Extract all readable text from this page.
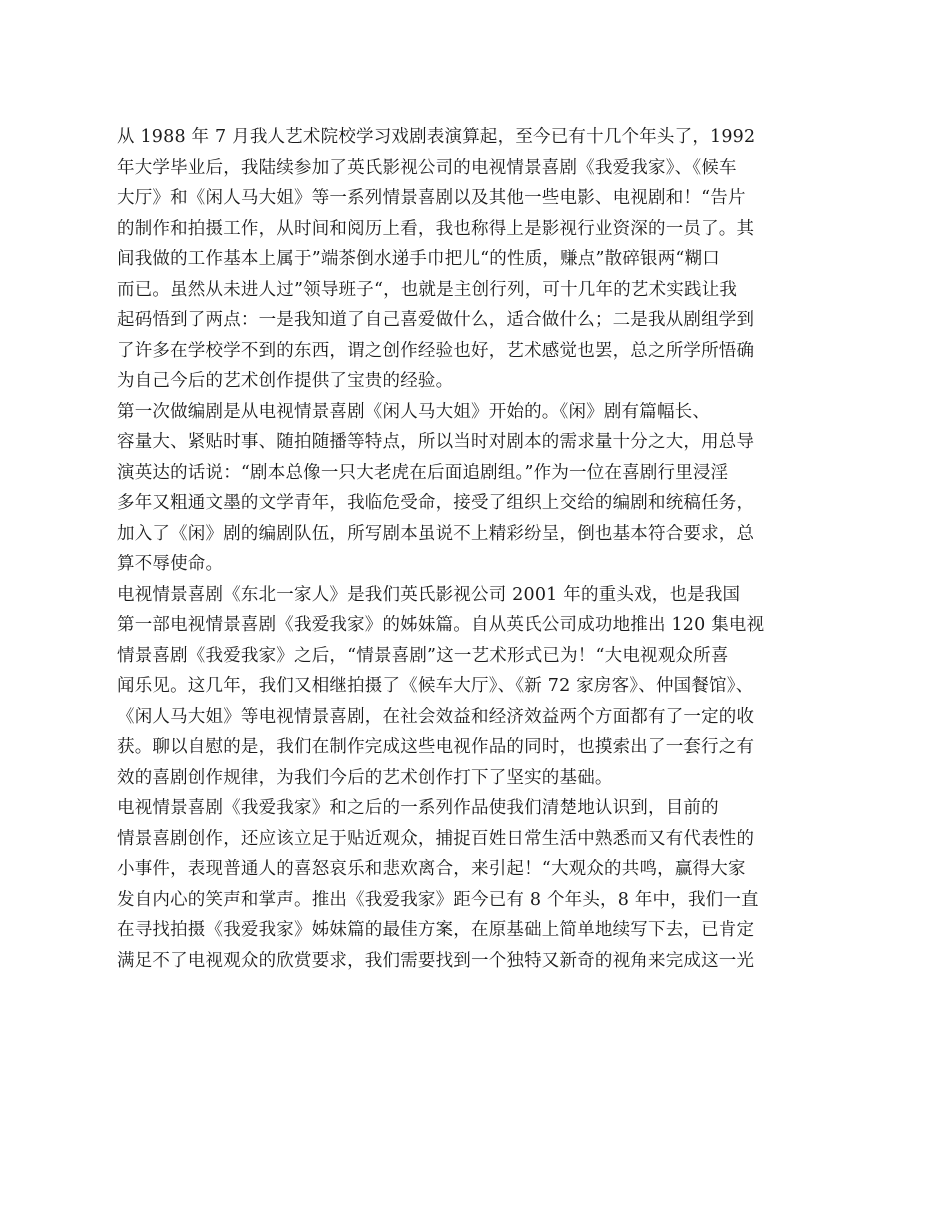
从 1988 年 7 月我人艺术院校学习戏剧表演算起，至今已有十几个年头了，1992
年大学毕业后，我陆续参加了英氏影视公司的电视情景喜剧《我爱我家》、《候车
大厅》和《闲人马大姐》等一系列情景喜剧以及其他一些电影、电视剧和！“告片
的制作和拍摄工作，从时间和阅历上看，我也称得上是影视行业资深的一员了。其
间我做的工作基本上属于”端茶倒水递手巾把儿“的性质，赚点”散碎银两“糊口
而已。虽然从未进人过”领导班子“，也就是主创行列，可十几年的艺术实践让我
起码悟到了两点：一是我知道了自己喜爱做什么，适合做什么；二是我从剧组学到
了许多在学校学不到的东西，谓之创作经验也好，艺术感觉也罢，总之所学所悟确
为自己今后的艺术创作提供了宝贵的经验。
第一次做编剧是从电视情景喜剧《闲人马大姐》开始的。《闲》剧有篇幅长、
容量大、紧贴时事、随拍随播等特点，所以当时对剧本的需求量十分之大，用总导
演英达的话说：“剧本总像一只大老虎在后面追剧组。”作为一位在喜剧行里浸淫
多年又粗通文墨的文学青年，我临危受命，接受了组织上交给的编剧和统稿任务，
加入了《闲》剧的编剧队伍，所写剧本虽说不上精彩纷呈，倒也基本符合要求，总
算不辱使命。
电视情景喜剧《东北一家人》是我们英氏影视公司 2001 年的重头戏，也是我国
第一部电视情景喜剧《我爱我家》的姊妹篇。自从英氏公司成功地推出 120 集电视
情景喜剧《我爱我家》之后，“情景喜剧”这一艺术形式已为！“大电视观众所喜
闻乐见。这几年，我们又相继拍摄了《候车大厅》、《新 72 家房客》、仲国餐馆》、
《闲人马大姐》等电视情景喜剧，在社会效益和经济效益两个方面都有了一定的收
获。聊以自慰的是，我们在制作完成这些电视作品的同时，也摸索出了一套行之有
效的喜剧创作规律，为我们今后的艺术创作打下了坚实的基础。
电视情景喜剧《我爱我家》和之后的一系列作品使我们清楚地认识到，目前的
情景喜剧创作，还应该立足于贴近观众，捕捉百姓日常生活中熟悉而又有代表性的
小事件，表现普通人的喜怒哀乐和悲欢离合，来引起！“大观众的共鸣，赢得大家
发自内心的笑声和掌声。推出《我爱我家》距今已有 8 个年头，8 年中，我们一直
在寻找拍摄《我爱我家》姊妹篇的最佳方案，在原基础上简单地续写下去，已肯定
满足不了电视观众的欣赏要求，我们需要找到一个独特又新奇的视角来完成这一光
